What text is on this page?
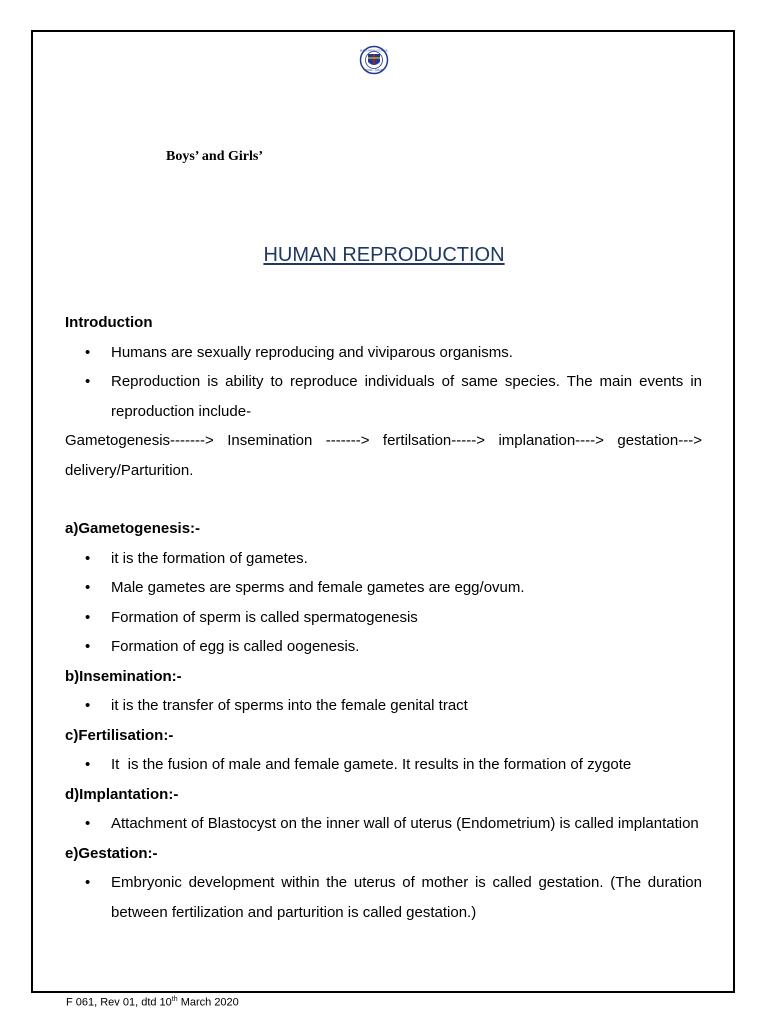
M.E.S INDIAN SCHOOL
DOHA – QATAR
Boys’ and Girls’
HUMAN REPRODUCTION
Introduction
• Humans are sexually reproducing and viviparous organisms.
• Reproduction is ability to reproduce individuals of same species. The main events in reproduction include-
Gametogenesis-------> Insemination -------> fertilsation-----> implanation----> gestation--->
delivery/Parturition.
a)Gametogenesis:-
• it is the formation of gametes.
• Male gametes are sperms and female gametes are egg/ovum.
• Formation of sperm is called spermatogenesis
• Formation of egg is called oogenesis.
b)Insemination:-
• it is the transfer of sperms into the female genital tract
c)Fertilisation:-
• It  is the fusion of male and female gamete. It results in the formation of zygote
d)Implantation:-
• Attachment of Blastocyst on the inner wall of uterus (Endometrium) is called implantation
e)Gestation:-
• Embryonic development within the uterus of mother is called gestation. (The duration between fertilization and parturition is called gestation.)
F 061, Rev 01, dtd 10th March 2020
